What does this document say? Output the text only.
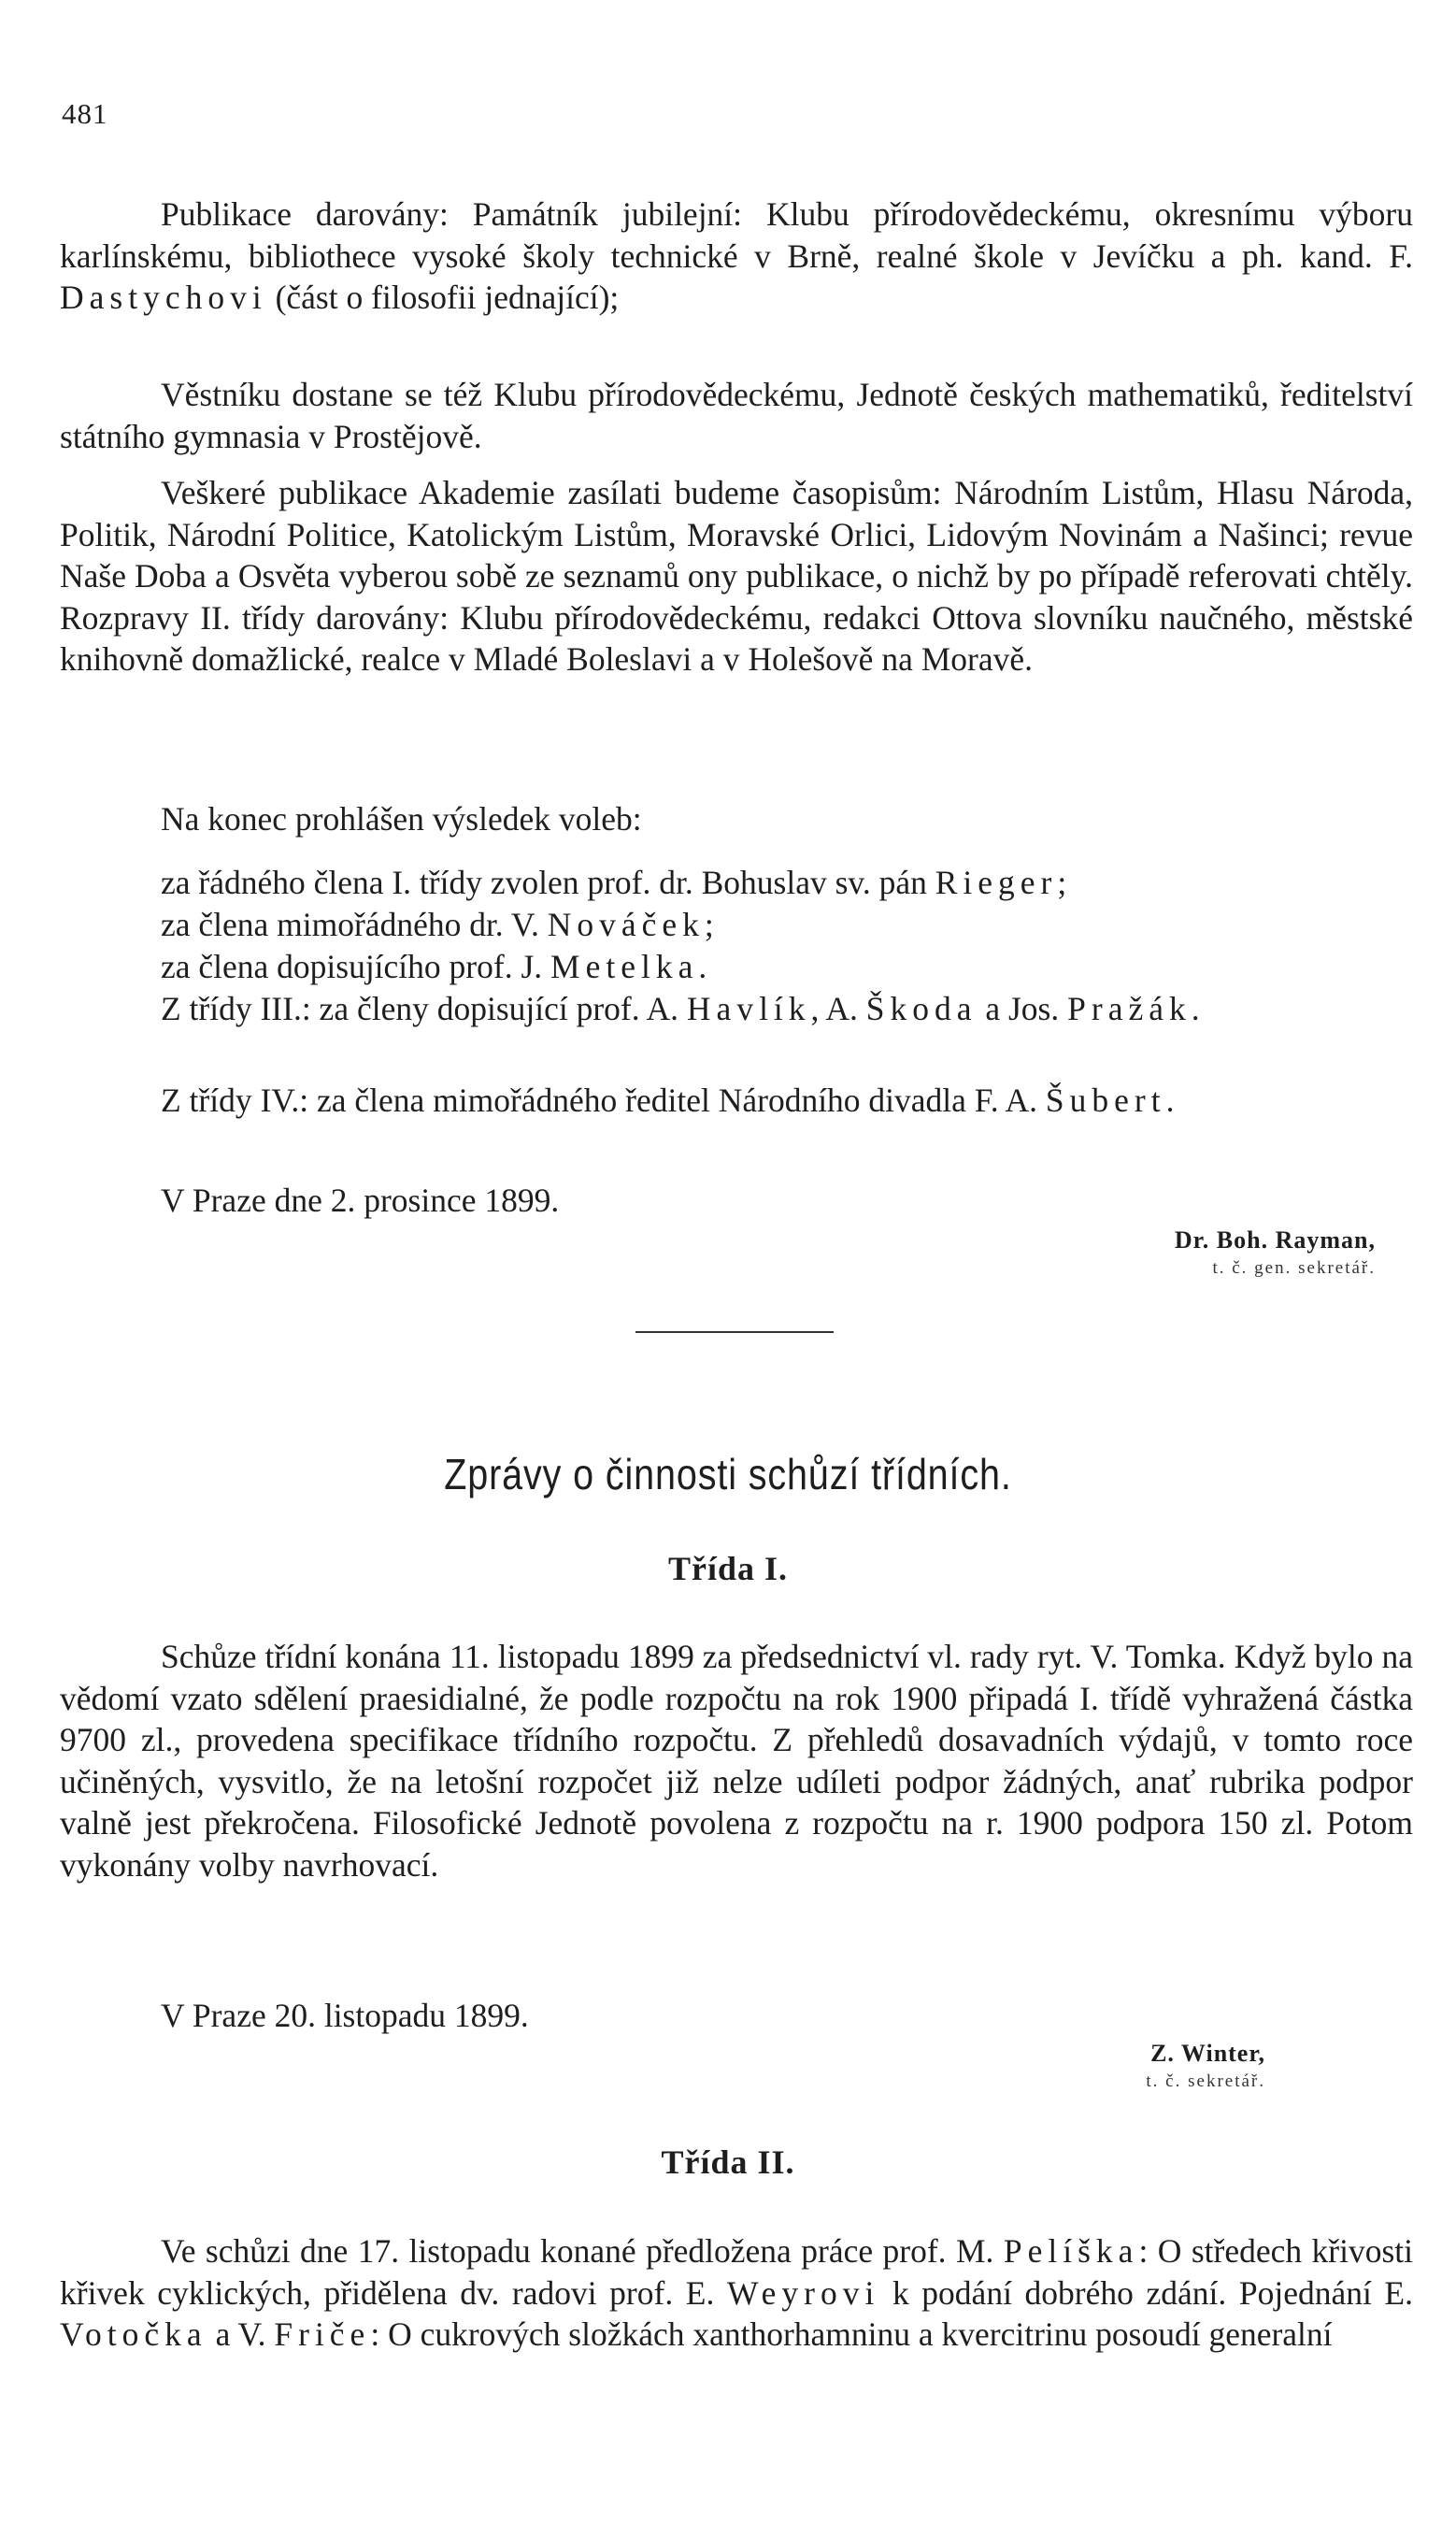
481
Publikace darovány: Památník jubilejní: Klubu přírodovědeckému, okresnímu výboru karlínskému, bibliothece vysoké školy technické v Brně, realné škole v Jevíčku a ph. kand. F. Dastychovi (část o filosofii jednající);
Věstníku dostane se též Klubu přírodovědeckému, Jednotě českých mathematiků, ředitelství státního gymnasia v Prostějově.
Veškeré publikace Akademie zasílati budeme časopisům: Národním Listům, Hlasu Národa, Politik, Národní Politice, Katolickým Listům, Moravské Orlici, Lidovým Novinám a Našinci; revue Naše Doba a Osvěta vyberou sobě ze seznamů ony publikace, o nichž by po případě referovati chtěly. Rozpravy II. třídy darovány: Klubu přírodovědeckému, redakci Ottova slovníku naučného, městské knihovně domažlické, realce v Mladé Boleslavi a v Holešově na Moravě.
Na konec prohlášen výsledek voleb:
za řádného člena I. třídy zvolen prof. dr. Bohuslav sv. pán Rieger;
za člena mimořádného dr. V. Nováček;
za člena dopisujícího prof. J. Metelka.
Z třídy III.: za členy dopisující prof. A. Havlík, A. Škoda a Jos. Pražák.
Z třídy IV.: za člena mimořádného ředitel Národního divadla F. A. Šubert.
V Praze dne 2. prosince 1899.
Dr. Boh. Rayman,
t. č. gen. sekretář.
Zprávy o činnosti schůzí třídních.
Třída I.
Schůze třídní konána 11. listopadu 1899 za předsednictví vl. rady ryt. V. Tomka. Když bylo na vědomí vzato sdělení praesidialné, že podle rozpočtu na rok 1900 připadá I. třídě vyhražená částka 9700 zl., provedena specifikace třídního rozpočtu. Z přehledů dosavadních výdajů, v tomto roce učiněných, vysvitlo, že na letošní rozpočet již nelze udíleti podpor žádných, anať rubrika podpor valně jest překročena. Filosofické Jednotě povolena z rozpočtu na r. 1900 podpora 150 zl. Potom vykonány volby navrhovací.
V Praze 20. listopadu 1899.
Z. Winter,
t. č. sekretář.
Třída II.
Ve schůzi dne 17. listopadu konané předložena práce prof. M. Pelíška: O středech křivosti křivek cyklických, přidělena dv. radovi prof. E. Weyrovi k podání dobrého zdání. Pojednání E. Votočka a V. Friče: O cukrových složkách xanthorhamninu a kvercitrinu posoudí generalní
